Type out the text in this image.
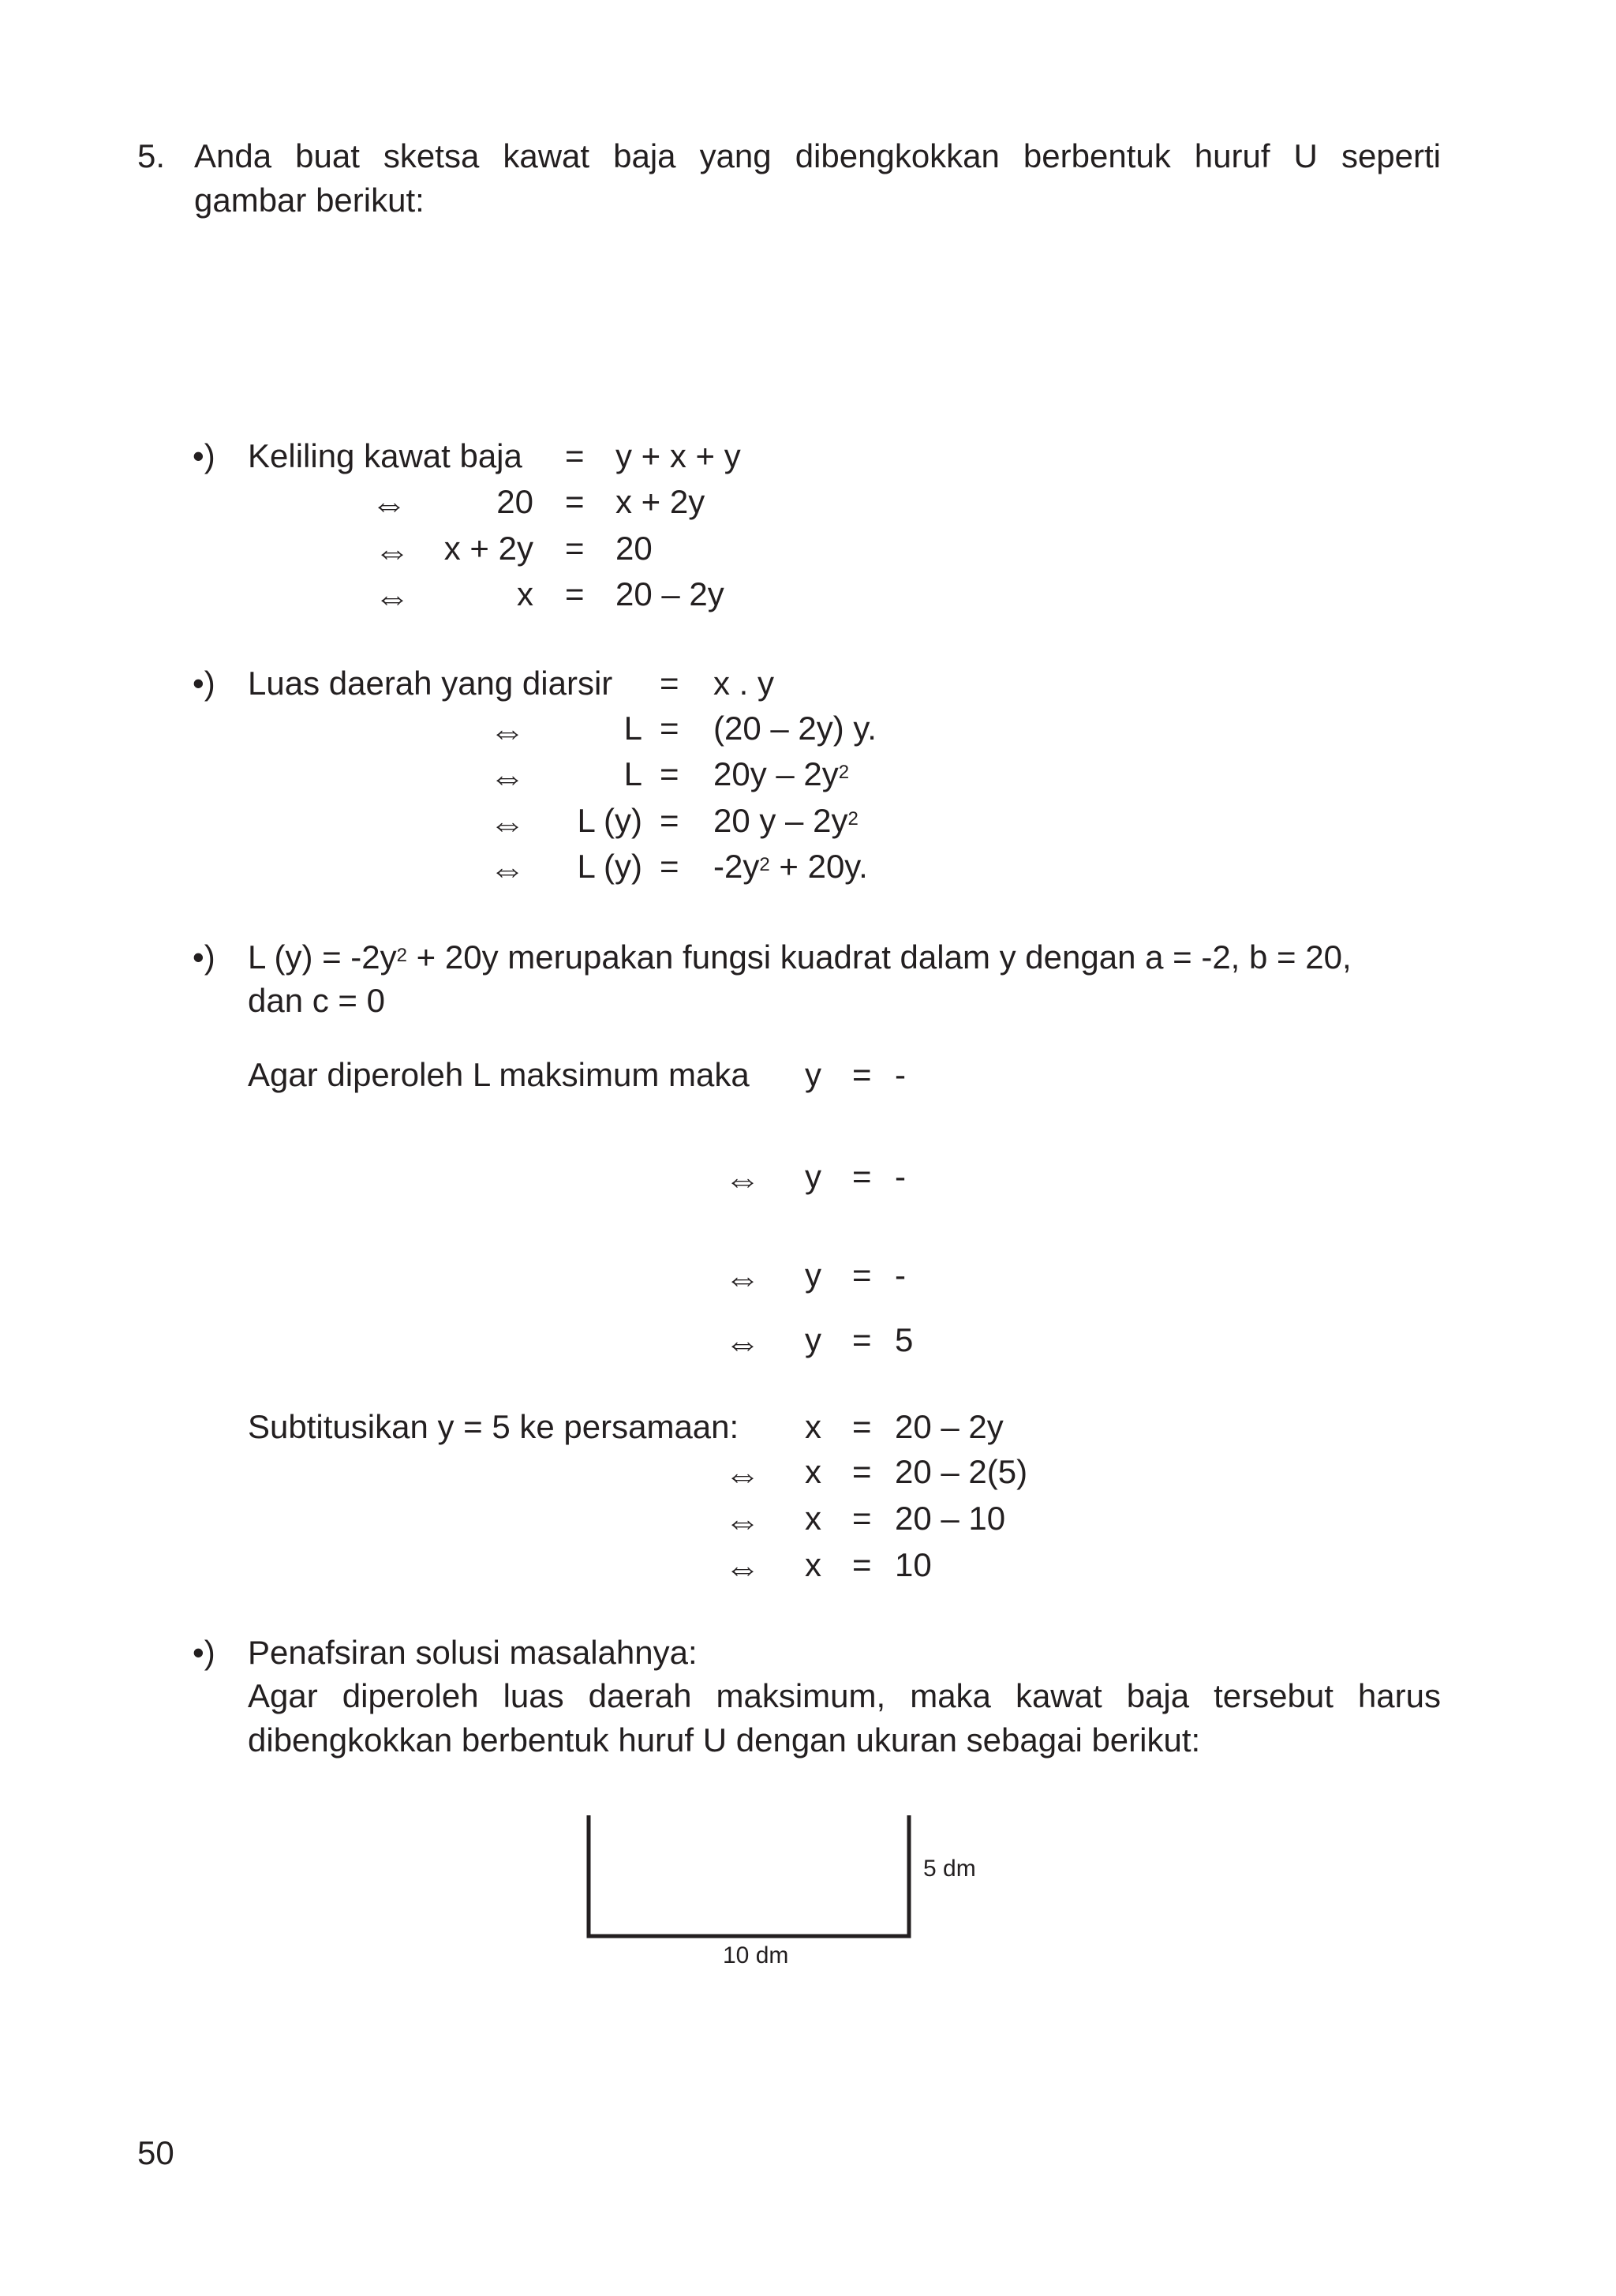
5. Anda buat sketsa kawat baja yang dibengkokkan berbentuk huruf U seperti
gambar berikut:
•) Keliling kawat baja = y + x + y
⇔	20 = x + 2y
⇔	x + 2y = 20
⇔	x = 20 – 2y
•) Luas daerah yang diarsir = x . y
⇔	L = (20 – 2y) y.
⇔	$L = 20y - 2y^2$
⇔	L (y) = 20 y – $2y^2$
⇔	L $(y) = -2y^2 + 20y$.
•) L $(y) = -2y^2 + 20y$ merupakan fungsi kuadrat dalam y dengan a = -2, b = 20,
dan c = 0
Agar diperoleh L maksimum maka y = -
⇔ y = -
⇔ y = -
⇔ y = 5
Subtitusikan y = 5 ke persamaan: x = 20 – 2y
⇔ x = 20 – 2(5)
⇔ x = 20 – 10
⇔ x = 10
•) Penafsiran solusi masalahnya:
Agar diperoleh luas daerah maksimum, maka kawat baja tersebut harus dibengkokkan berbentuk huruf U dengan ukuran sebagai berikut:
5 dm
10 dm
50
